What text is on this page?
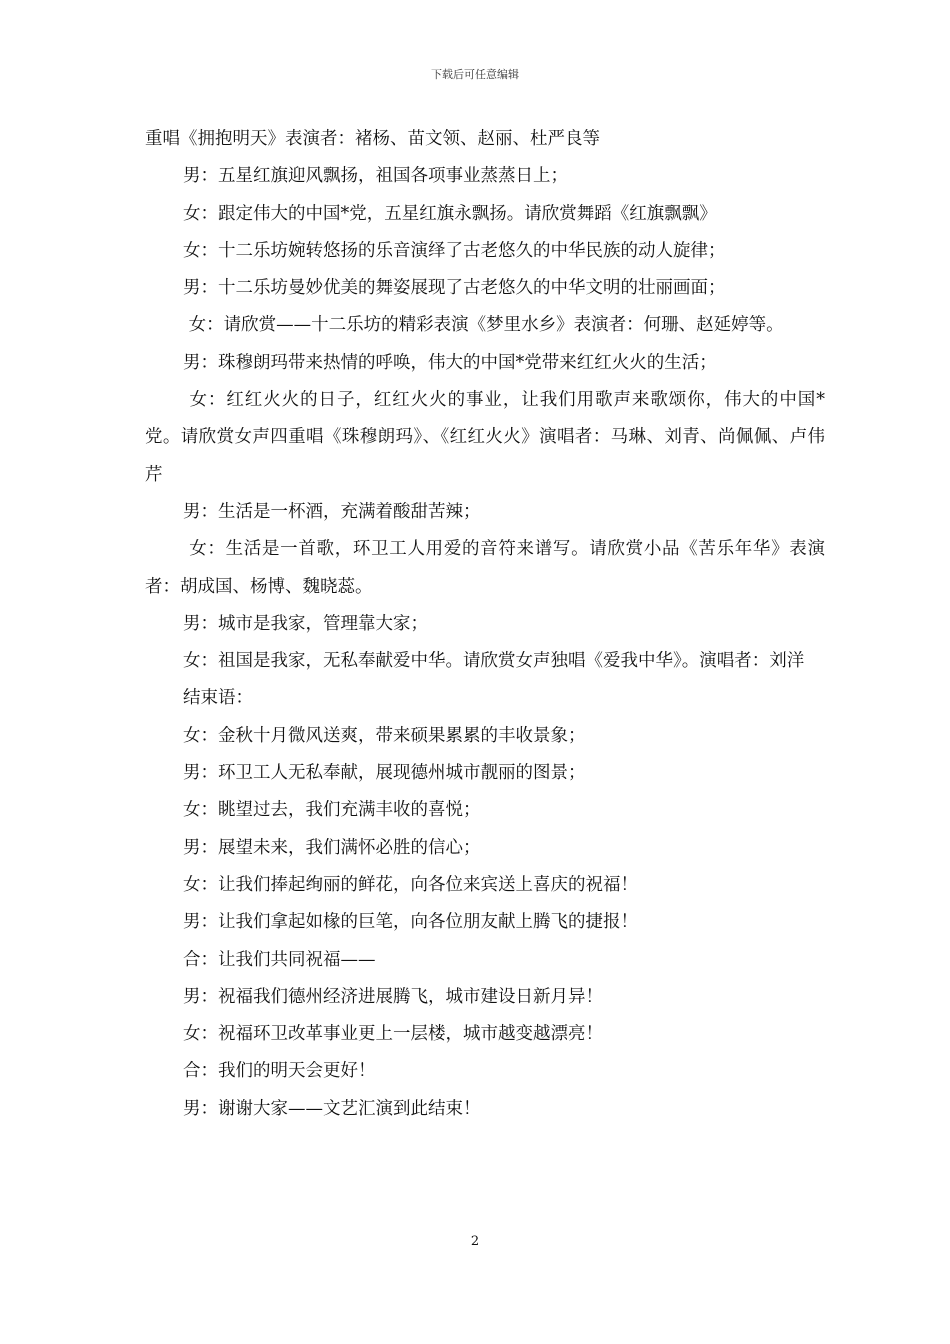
下载后可任意编辑

重唱《拥抱明天》表演者：褚杨、苗文领、赵丽、杜严良等

男：五星红旗迎风飘扬，祖国各项事业蒸蒸日上；

女：跟定伟大的中国*党，五星红旗永飘扬。请欣赏舞蹈《红旗飘飘》

女：十二乐坊婉转悠扬的乐音演绎了古老悠久的中华民族的动人旋律；

男：十二乐坊曼妙优美的舞姿展现了古老悠久的中华文明的壮丽画面；

女：请欣赏——十二乐坊的精彩表演《梦里水乡》表演者：何珊、赵延婷等。

男：珠穆朗玛带来热情的呼唤，伟大的中国*党带来红红火火的生活；

女：红红火火的日子，红红火火的事业，让我们用歌声来歌颂你，伟大的中国*党。请欣赏女声四重唱《珠穆朗玛》、《红红火火》演唱者：马琳、刘青、尚佩佩、卢伟芹

男：生活是一杯酒，充满着酸甜苦辣；

女：生活是一首歌，环卫工人用爱的音符来谱写。请欣赏小品《苦乐年华》表演者：胡成国、杨博、魏晓蕊。

男：城市是我家，管理靠大家；

女：祖国是我家，无私奉献爱中华。请欣赏女声独唱《爱我中华》。演唱者：刘洋

结束语：

女：金秋十月微风送爽，带来硕果累累的丰收景象；

男：环卫工人无私奉献，展现德州城市靓丽的图景；

女：眺望过去，我们充满丰收的喜悦；

男：展望未来，我们满怀必胜的信心；

女：让我们捧起绚丽的鲜花，向各位来宾送上喜庆的祝福！

男：让我们拿起如椽的巨笔，向各位朋友献上腾飞的捷报！

合：让我们共同祝福——

男：祝福我们德州经济进展腾飞，城市建设日新月异！

女：祝福环卫改革事业更上一层楼，城市越变越漂亮！

合：我们的明天会更好！

男：谢谢大家——文艺汇演到此结束！

2
